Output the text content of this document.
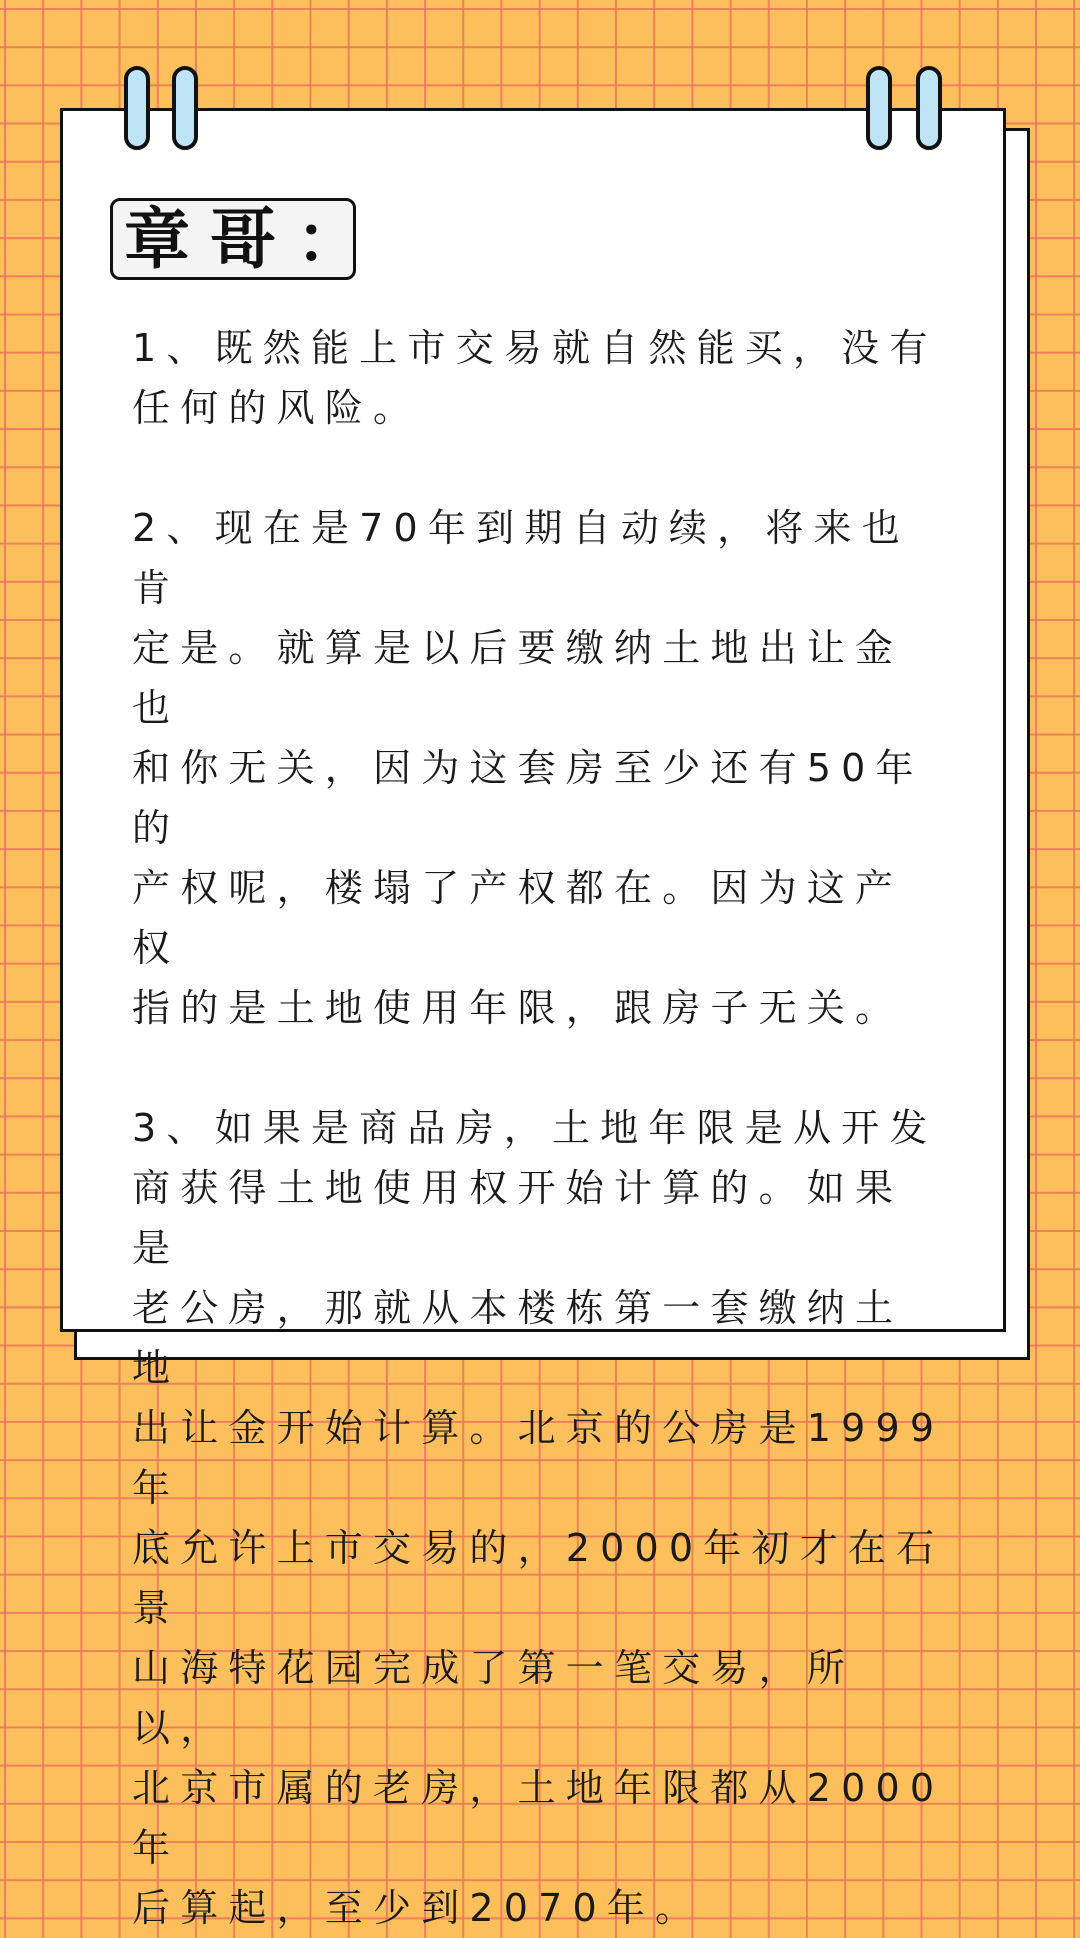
章哥：

1、既然能上市交易就自然能买，没有
任何的风险。

2、现在是70年到期自动续，将来也肯
定是。就算是以后要缴纳土地出让金也
和你无关，因为这套房至少还有50年的
产权呢，楼塌了产权都在。因为这产权
指的是土地使用年限，跟房子无关。

3、如果是商品房，土地年限是从开发
商获得土地使用权开始计算的。如果是
老公房，那就从本楼栋第一套缴纳土地
出让金开始计算。北京的公房是1999年
底允许上市交易的，2000年初才在石景
山海特花园完成了第一笔交易，所以，
北京市属的老房，土地年限都从2000年
后算起，至少到2070年。
